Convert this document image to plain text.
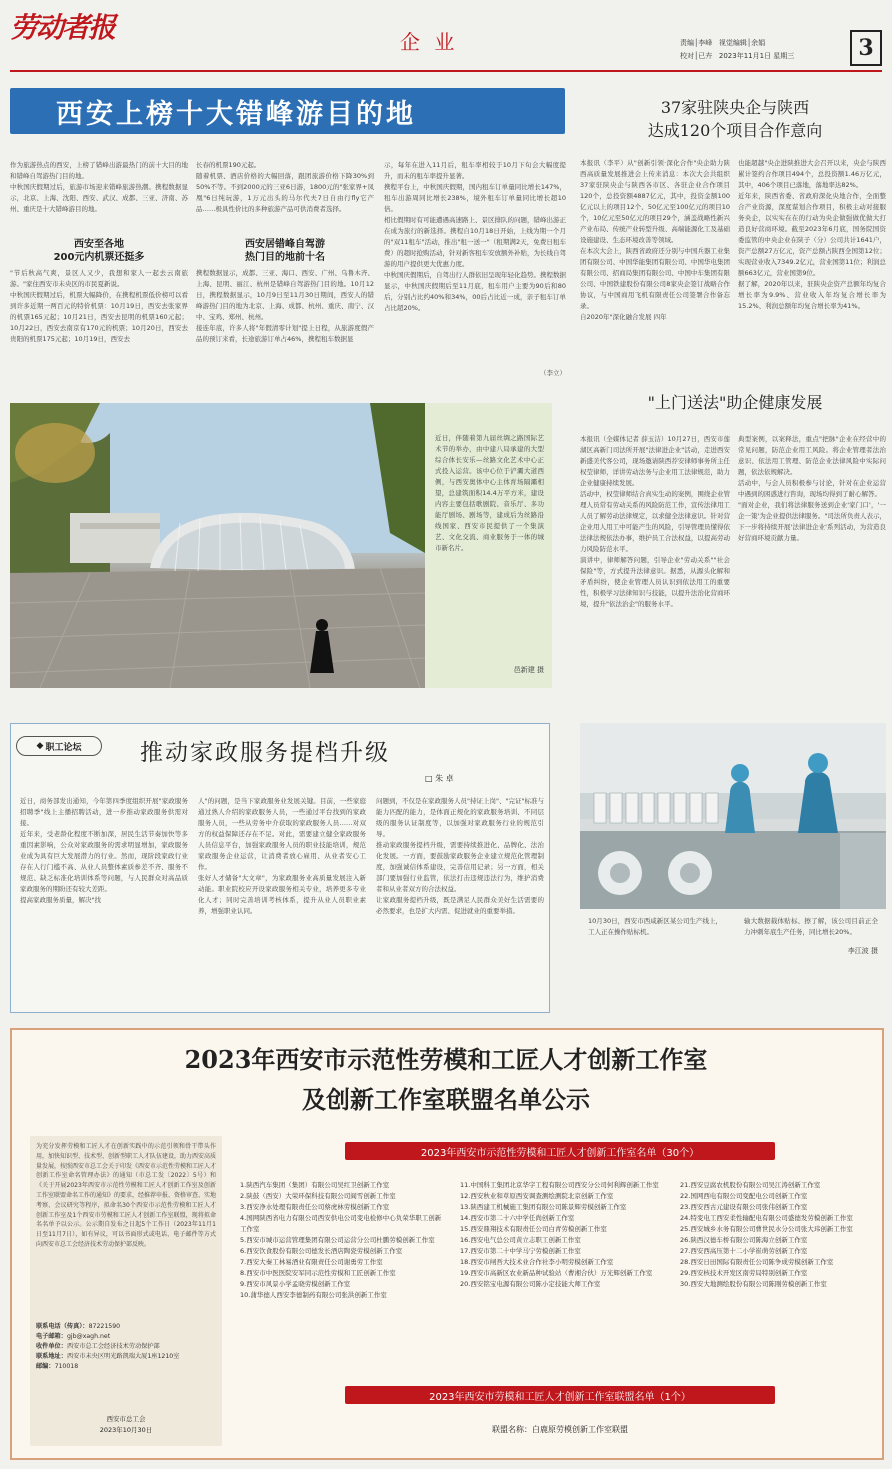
劳动者报	企 业	责编│李峰   视觉编辑│余娟
校对│已卉   2023年11月1日 星期三	3
西安上榜十大错峰游目的地
作为旅游热点的西安，上榜了错峰出游最热门的前十大目的地和错峰自驾游热门目的地。
中秋国庆假期过后，旅游市场迎来错峰旅游热潮。携程数据显示，北京、上海、沈阳、西安、武汉、成都、三亚、济南、苏州、重庆是十大错峰游目的地。
西安至各地
200元内机票还挺多
"节后秋高气爽，景区人又少，我想和家人一起去云南旅游。"家住西安市未央区的市民夏新说。
中秋国庆假期过后，机票大幅降价，在携程机票低价榜可以看到许多近期一两百元的特价机票：10月19日，西安去张家界的机票165元起；10月21日，西安去昆明的机票160元起；10月22日，西安去南京有170元的机票；10月20日，西安去贵阳的机票175元起；10月19日，西安去
长春的机票190元起。
随着机票、酒店价格的大幅回落，跟团旅游价格下降30%到50%不等。不到2000元的三亚6日游，1800元的"张家界+凤凰"6日纯玩游，1万元出头的马尔代夫7日自由行fly它产品……极具性价比的多种旅游产品可供消费者选择。
西安居错峰自驾游
热门目的地前十名
携程数据显示，成都、三亚、海口、西安、广州、乌鲁木齐、上海、昆明、丽江、杭州是错峰自驾游热门目的地。10月12日，携程数据显示，10月9日至11月30日期间，西安人的错峰游热门目的地为北京、上海、成都、杭州、重庆、南宁、汉中、宝鸡、郑州、杭州。
接连年底，许多人将"年假清零计划"提上日程，从旅游度假产品的预订来看，长途旅游订单占46%，携程租车数据显
示，每年在进入11月后，租车率相较于10月下旬会大幅度提升，而未的租车率提升显著。
携程平台上，中秋国庆假期，国内租车订单量同比增长147%，租车出游周同比增长238%，境外租车订单量同比增长超10倍。
相比假期时有可能遭遇高速路上、景区排队的问题，错峰出游正在成为旅行的新选择。携程自10月18日开始，上线为期一个月的"双11租车"活动，推出"租一送一"（租期满2天，免费日租车费）的超时抢购活动，针对新客租车安放额外补贴，为长线自驾游的用户提供更大优惠力度。
中秋国庆假期后，自驾出行人群依旧呈现年轻化趋势。携程数据显示，中秋国庆假期后至11月底，租车用户主要为90后和80后，分别占比约40%和34%，00后占比近一成，亲子租车订单占比超20%。
（李立）
37家驻陕央企与陕西
达成120个项目合作意向
本报讯（李平）从"创新引领·深化合作"央企助力陕西高质量发展推进会上传来消息：本次大会共组织37家驻陕央企与陕西各市区、各驻企业合作项目120个，总投资额4887亿元，其中，投资金额100亿元以上的项目12个、50亿元至100亿元的项目10个，10亿元至50亿元的项目29个，涵盖战略性新兴产业布局、传统产业转型升级、高端能源化工及基础设施建设、生态环境改善等领域。
在本次大会上，陕西省政府还分别与中国兵器工业集团有限公司、中国华能集团有限公司、中国华电集团有限公司、招商局集团有限公司、中国中车集团有限公司、中国铁建股份有限公司8家央企签订战略合作协议，与中国商用飞机有限责任公司签署合作备忘录。
自2020年"深化融合发展 四年
也能超越"央企进陕推进大会召开以来，央企与陕西累计签约合作项目494个，总投资额1.46万亿元，其中，406个项目已落地，落地率达82%。
近年来，陕西省委、省政府深化央地合作，全面整合产业资源，深度谋划合作项目，积极主动对接服务央企，以实实在在的行动为央企做强做优做大打造良好营商环境。截至2023年6月底，国务院国资委监管的中央企业在陕子（分）公司共计1641户，资产总额27万亿元，资产总额占陕西全国第12位；实现营业收入7349.2亿元，营业国第11位；利润总额663亿元，营业国第9位。
据了解，2020年以来，驻陕央企资产总额年均复合增长率为9.9%、营业收入年均复合增长率为15.2%、利润总额年均复合增长率为41%。
近日，伴随着第九届丝绸之路国际艺术节的举办，由中建八局承建的大型综合体长安乐—丝路文化艺术中心正式投入运营。该中心位于浐灞大道西侧，与西安奥体中心主体育场隔灞相望，总建筑面积14.4万平方米，建设内容主要包括歌剧院、音乐厅、多功能厅剧场、剧场等，建成后为丝路沿线国家、西安市民提供了一个集演艺、文化交流、商业服务于一体的城市新名片。
邑新建 摄
"上门送法"助企健康发展
本报讯（全媒体记者 薛玉洁）10月27日，西安市莲湖区高新门司法所开展"法律进企业"活动，走进西安新盛美代客公司，现场邀请陕西荐安律师事务所主任权莹律师，详讲劳动法务与企业用工法律规范，助力企业健康持续发展。
活动中，权莹律师结合真实生动的案例，围绕企业管理人员常有劳动关系的风险防范工作，宣传法律用工人员了解劳动法律规定，以求健全法律意识。针对营企业用人用工中可能产生的风险，引导管理员懂得依法律法规依法办事，维护员工合法权益，以提高劳动力风险防范水平。
演讲中，律师解答问题，引导企业"劳动关系""社会保险"等，方式提升法律意识。据悉，从源头化解和矛盾纠纷，使企业管理人员认识到依法用工的重要性，积极学习法律知识与技能，以提升法治化营商环境，提升"依法治企"的服务水平。
典型案例，以案释法，重点"把脉"企业在经营中的常见问题，防范企业用工风险。将企业管理者法治意识、依法用工管理、防范企业法律风险中实际问题，依法依规解决。
活动中，与会人员积极参与讨论，针对在企业运营中遇到的困惑进行咨询，现场均得到了耐心解答。
"面对企业，我们将法律服务送到企业'家门口'，'一企一策'为企业提供法律服务。"司法所负责人表示，下一步将持续开展'法律进企业'系列活动，为营造良好营商环境贡献力量。
◆ 职工论坛	推动家政服务提档升级
□ 朱 卓
近日，商务部发出通知，今年第四季度组织开展"家政服务招聘季"线上主播招聘活动，进一步推动家政服务供需对接。
近年来，受老龄化程度不断加深，居民生活节奏加快等多重因素影响，公众对家政服务的需求明显增加，家政服务业成为具有巨大发展潜力的行业。然而，现阶段家政行业存在人行门槛不高、从业人员整体素质参差不齐、服务不规范、缺乏标准化培训体系等问题，与人民群众对高品质家政服务的期盼还有较大差距。
提高家政服务质量，解决"找
人"的问题，是当下家政服务业发展关键。目前，一些家庭通过熟人介绍的家政服务人员，一些通过平台找到的家政服务人员，一些从劳务中介获取的家政服务人员……对双方的权益保障还存在不足。对此，需要建立健全家政服务人员信息平台，加强家政服务人员的职业技能培训，规范家政服务企业运营，让消费者放心雇用、从业者安心工作。
张好人才储备"大文章"，为家政服务业高质量发展注入新动能。职业院校应开设家政服务相关专业，培养更多专业化人才；同时完善培训考核体系，提升从业人员职业素养，增强职业认同。
问题到，不仅是在家政服务人员"持证上岗"、"完证"标准与能力匹配的能力，是体面正规化的家政服务培训、不同层级的服务认证制度等，以加强对家政服务行业的规范引导。
推动家政服务提档升级，需要持续推进化、品牌化、法治化发展。一方面，要鼓励家政服务企业建立规范化管理制度，加强诚信体系建设，完善信用记录；另一方面，相关部门要加强行业监管，依法打击违规违法行为，维护消费者和从业者双方的合法权益。
让家政服务提档升级，既是满足人民群众美好生活需要的必然要求，也是扩大内需、促进就业的重要举措。
10月30日，西安市西咸新区某公司生产线上，工人正在操作贴标机。
输大数据载体贴标、擦了解，该公司目前正全力冲刺年底生产任务，同比增长20%。
李江波 摄
2023年西安市示范性劳模和工匠人才创新工作室
及创新工作室联盟名单公示
为充分发挥劳模和工匠人才在创新实践中的示范引领和骨干带头作用，加快知识型、技术型、创新型职工人才队伍建设，助力西安高质量发展，按照西安市总工会关于印发《西安市示范性劳模和工匠人才创新工作室命名管理办法》的通知（市总工发〔2022〕5号）和《关于开展2023年西安市示范性劳模和工匠人才创新工作室及创新工作室联盟命名工作的通知》的要求，经推荐申报、资格审查、实地考察、会议研究等程序，拟命名30个西安市示范性劳模和工匠人才创新工作室及1个西安市劳模和工匠人才创新工作室联盟，现将拟命名名单予以公示。公示期自发布之日起5个工作日（2023年11月1日至11月7日），如有异议，可以书面形式或电话、电子邮件等方式向西安市总工会经济技术劳动保护部反映。
联系电话（传真）：87221590
电子邮箱：gjb@xagh.net
收件单位：西安市总工会经济技术劳动保护部
联系地址：西安市未央区明光路凯瑞大厦1座1210室
邮编：710018
西安市总工会
2023年10月30日
2023年西安市示范性劳模和工匠人才创新工作室名单（30个）
1.陕西汽车集团（集团）有限公司吴红卫创新工作室
2.陕鼓（西安）大荣环保科技有限公司阎雪创新工作室
3.西安净水处理有限责任公司蔡虎林劳模创新工作室
4.国网陕西省电力有限公司西安供电公司变电检修中心负荣华职工创新工作室
5.西安市城市运营管理集团有限公司运营分公司杜鹏劳模创新工作室
6.西安饮食股份有限公司德发长酒店陶瓷劳模创新工作室
7.西安大秦工林易酒业有限责任公司谢勇劳工作室
8.西安市中医医院安军同示范性劳模和工匠创新工作室
9.西安市风景小学孟晓劳模创新工作室
10.蒲华德人西安李德制药有限公司张洪创新工作室
11.中国科工集团北京华字工程有限公司西安分公司何利辉创新工作室
12.西安秋业和草原西安调查测绘测院北京创新工作室
13.陕西建工机械施工集团有限公司陈景辉劳模创新工作室
14.西安市第二十六中学任尚创新工作室
15.西安鼎翔技术有限责任公司白青劳模创新工作室
16.西安电气总公司黄立志职工创新工作室
17.西安市第二十中学马宁劳模创新工作室
18.西安市闸吾大技术业合作社李小明劳模创新工作室
19.西安市高新区农业新品种试验站（曹湘合伙）万光辉创新工作室
20.西安铭宝电源有限公司陈小定技能大师工作室
21.西安豆腐农机股份有限公司吴江涛创新工作室
22.国网西电有限公司变配电公司创新工作室
23.西安西古元建设有限公司张伟创新工作室
24.特变电工西安柔性输配电有限公司盛德发劳模创新工作室
25.西安城乡水务有限公司曹世民水分公司张大玮创新工作室
26.陕西汉德车桥有限公司陈海立创新工作室
27.西安西高压第十二小学崔萌劳创新工作室
28.西安日田国际有限责任公司陈争成劳模创新工作室
29.西安核技术开发区南劳局特别创新工作室
30.西安大地测绘股份有限公司陈刚劳模创新工作室
2023年西安市劳模和工匠人才创新工作室联盟名单（1个）
联盟名称：白鹿原劳模创新工作室联盟
